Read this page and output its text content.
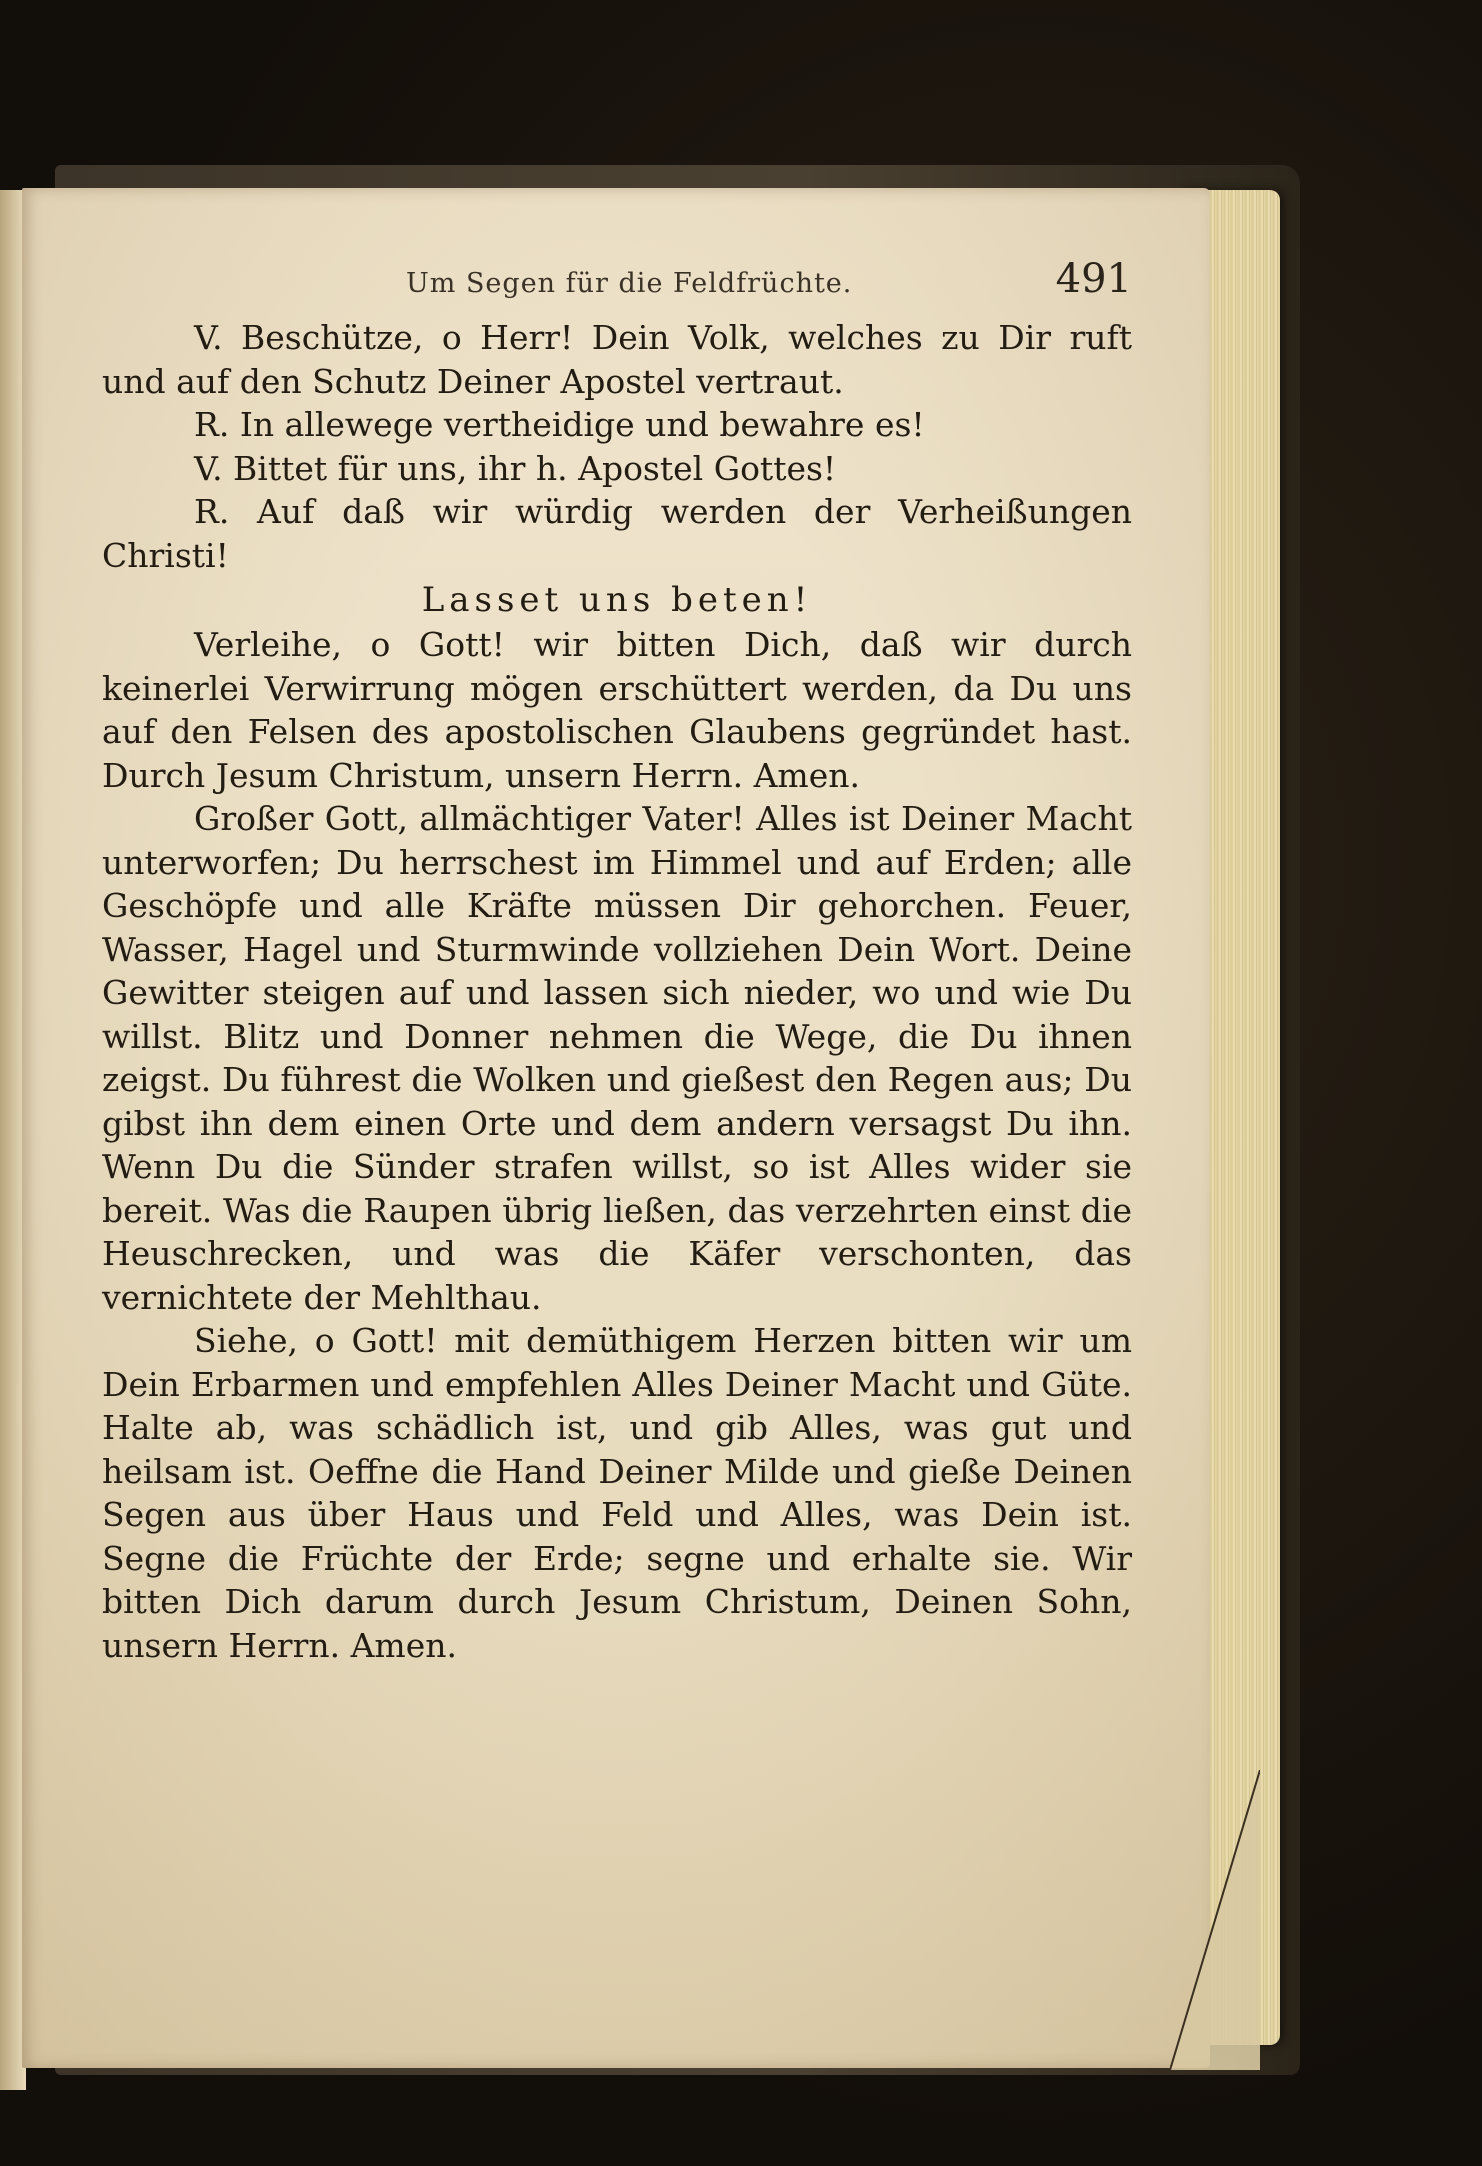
Um Segen für die Feldfrüchte.	491

V. Beschütze, o Herr! Dein Volk, welches zu Dir ruft und auf den Schutz Deiner Apostel vertraut.

R. In allewege vertheidige und bewahre es!

V. Bittet für uns, ihr h. Apostel Gottes!

R. Auf daß wir würdig werden der Verheißungen Christi!

Lasset uns beten!

Verleihe, o Gott! wir bitten Dich, daß wir durch keinerlei Verwirrung mögen erschüttert werden, da Du uns auf den Felsen des apostolischen Glaubens gegründet hast. Durch Jesum Christum, unsern Herrn. Amen.

Großer Gott, allmächtiger Vater! Alles ist Deiner Macht unterworfen; Du herrschest im Himmel und auf Erden; alle Geschöpfe und alle Kräfte müssen Dir gehorchen. Feuer, Wasser, Hagel und Sturmwinde vollziehen Dein Wort. Deine Gewitter steigen auf und lassen sich nieder, wo und wie Du willst. Blitz und Donner nehmen die Wege, die Du ihnen zeigst. Du führest die Wolken und gießest den Regen aus; Du gibst ihn dem einen Orte und dem andern versagst Du ihn. Wenn Du die Sünder strafen willst, so ist Alles wider sie bereit. Was die Raupen übrig ließen, das verzehrten einst die Heuschrecken, und was die Käfer verschonten, das vernichtete der Mehlthau.

Siehe, o Gott! mit demüthigem Herzen bitten wir um Dein Erbarmen und empfehlen Alles Deiner Macht und Güte. Halte ab, was schädlich ist, und gib Alles, was gut und heilsam ist. Oeffne die Hand Deiner Milde und gieße Deinen Segen aus über Haus und Feld und Alles, was Dein ist. Segne die Früchte der Erde; segne und erhalte sie. Wir bitten Dich darum durch Jesum Christum, Deinen Sohn, unsern Herrn. Amen.
